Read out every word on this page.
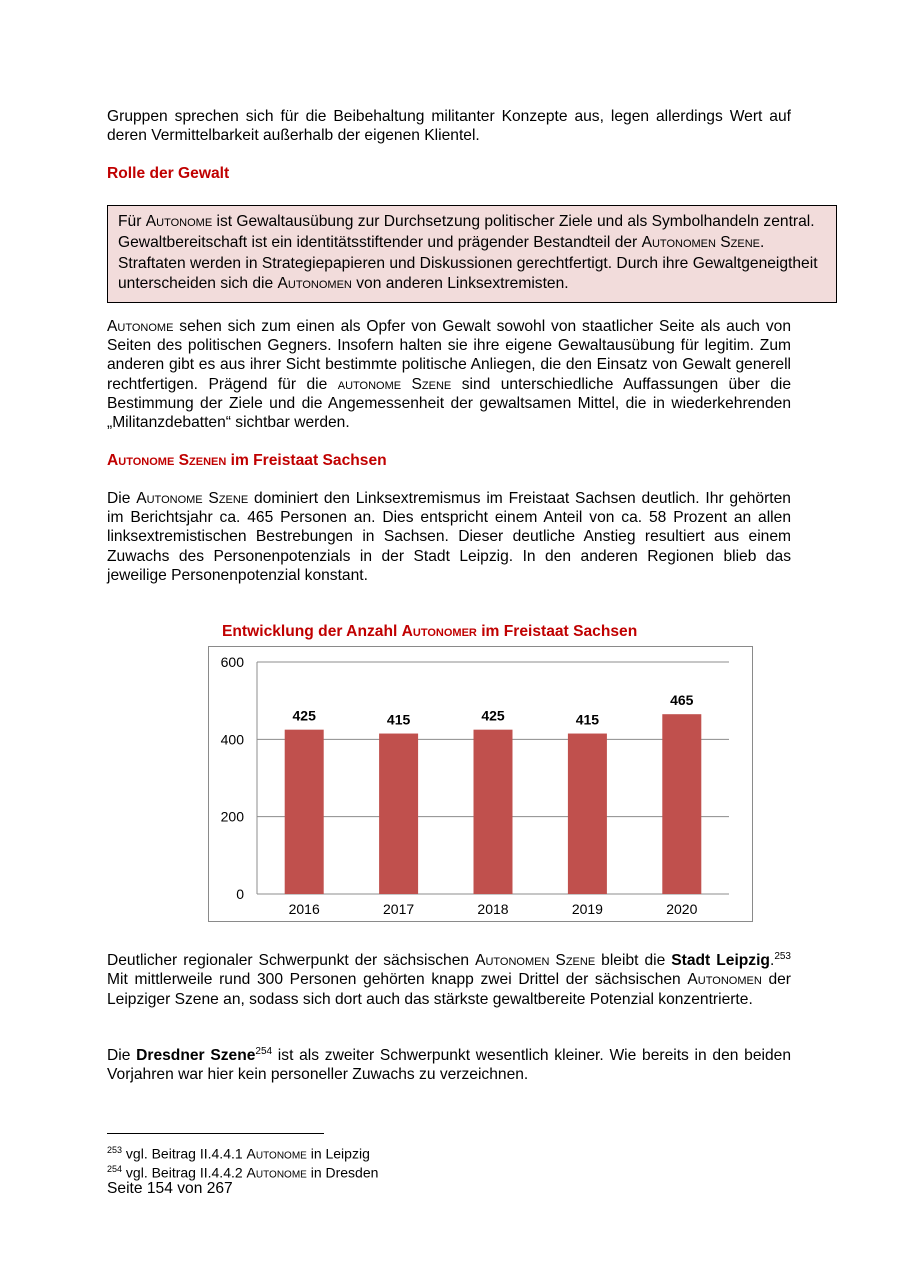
Gruppen sprechen sich für die Beibehaltung militanter Konzepte aus, legen allerdings Wert auf deren Vermittelbarkeit außerhalb der eigenen Klientel.

Rolle der Gewalt

Für Autonome ist Gewaltausübung zur Durchsetzung politischer Ziele und als Symbolhandeln zentral. Gewaltbereitschaft ist ein identitätsstiftender und prägender Bestandteil der Autonomen Szene. Straftaten werden in Strategiepapieren und Diskussionen gerechtfertigt. Durch ihre Gewaltgeneigtheit unterscheiden sich die Autonomen von anderen Linksextremisten.

Autonome sehen sich zum einen als Opfer von Gewalt sowohl von staatlicher Seite als auch von Seiten des politischen Gegners. Insofern halten sie ihre eigene Gewaltausübung für legitim. Zum anderen gibt es aus ihrer Sicht bestimmte politische Anliegen, die den Einsatz von Gewalt generell rechtfertigen. Prägend für die autonome Szene sind unterschiedliche Auffassungen über die Bestimmung der Ziele und die Angemessenheit der gewaltsamen Mittel, die in wiederkehrenden „Militanzdebatten“ sichtbar werden.

Autonome Szenen im Freistaat Sachsen

Die Autonome Szene dominiert den Linksextremismus im Freistaat Sachsen deutlich. Ihr gehörten im Berichtsjahr ca. 465 Personen an. Dies entspricht einem Anteil von ca. 58 Prozent an allen linksextremistischen Bestrebungen in Sachsen. Dieser deutliche Anstieg resultiert aus einem Zuwachs des Personenpotenzials in der Stadt Leipzig. In den anderen Regionen blieb das jeweilige Personenpotenzial konstant.

Entwicklung der Anzahl Autonomer im Freistaat Sachsen

0
200
400
600
425
2016
415
2017
425
2018
415
2019
465
2020

Deutlicher regionaler Schwerpunkt der sächsischen Autonomen Szene bleibt die Stadt Leipzig.$^{253}$ Mit mittlerweile rund 300 Personen gehörten knapp zwei Drittel der sächsischen Autonomen der Leipziger Szene an, sodass sich dort auch das stärkste gewaltbereite Potenzial konzentrierte.

Die Dresdner Szene$^{254}$ ist als zweiter Schwerpunkt wesentlich kleiner. Wie bereits in den beiden Vorjahren war hier kein personeller Zuwachs zu verzeichnen.

$^{253}$ vgl. Beitrag II.4.4.1 Autonome in Leipzig

$^{254}$ vgl. Beitrag II.4.4.2 Autonome in Dresden

Seite 154 von 267
